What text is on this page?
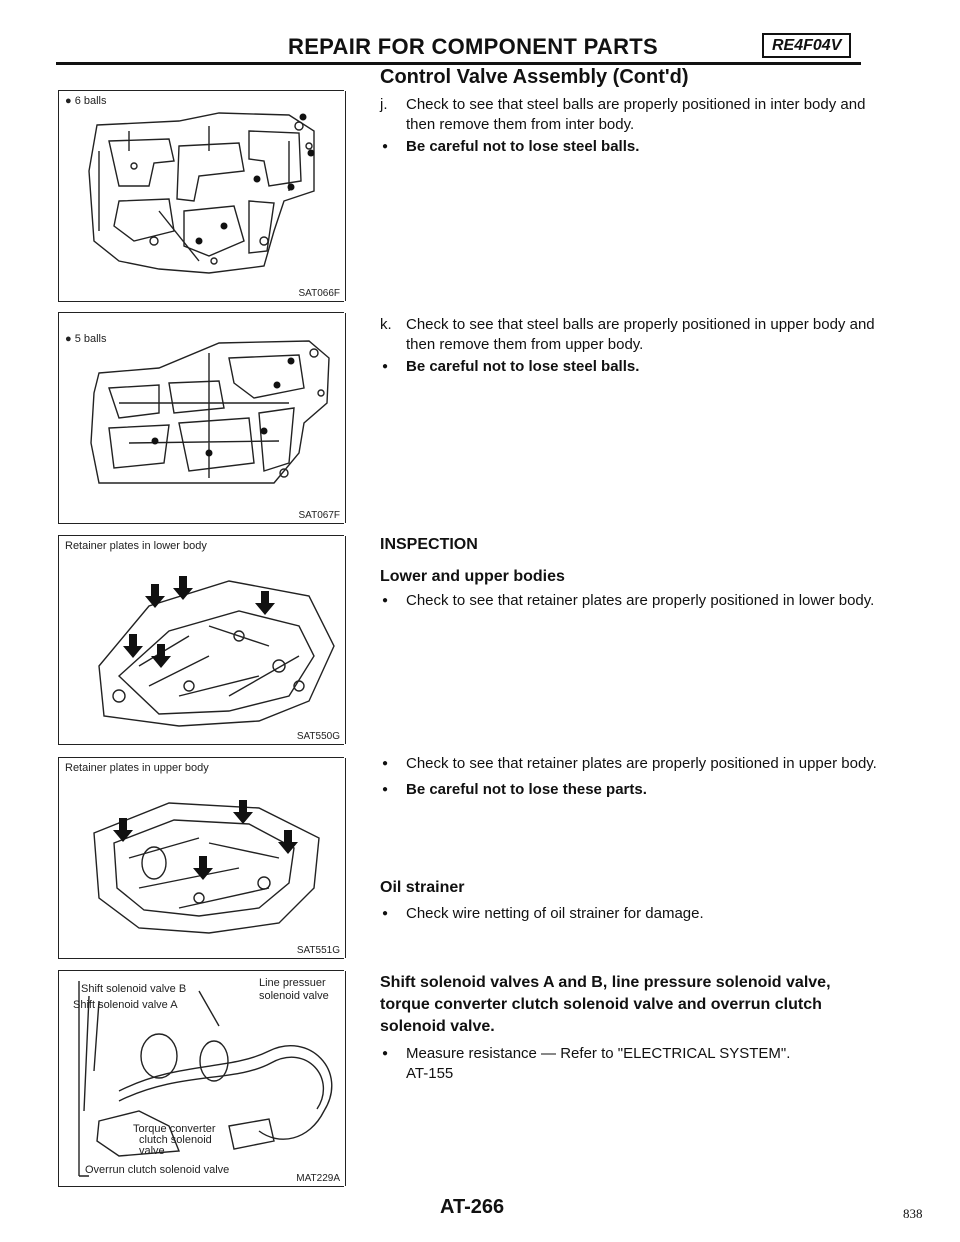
REPAIR FOR COMPONENT PARTS	RE4F04V
Control Valve Assembly (Cont'd)
● 6 balls
SAT066F
● 5 balls
SAT067F
Retainer plates in lower body
SAT550G
Retainer plates in upper body
SAT551G
Shift solenoid valve B
Shift solenoid valve A
Line pressuer
solenoid valve
Torque converter
clutch solenoid
valve
Overrun clutch solenoid valve
MAT229A
j. Check to see that steel balls are properly positioned in inter body and then remove them from inter body.
● Be careful not to lose steel balls.
k. Check to see that steel balls are properly positioned in upper body and then remove them from upper body.
● Be careful not to lose steel balls.
INSPECTION
Lower and upper bodies
● Check to see that retainer plates are properly positioned in lower body.
● Check to see that retainer plates are properly positioned in upper body.
● Be careful not to lose these parts.
Oil strainer
● Check wire netting of oil strainer for damage.
Shift solenoid valves A and B, line pressure solenoid valve, torque converter clutch solenoid valve and overrun clutch solenoid valve.
● Measure resistance — Refer to "ELECTRICAL SYSTEM".
AT-155
AT-266	838
